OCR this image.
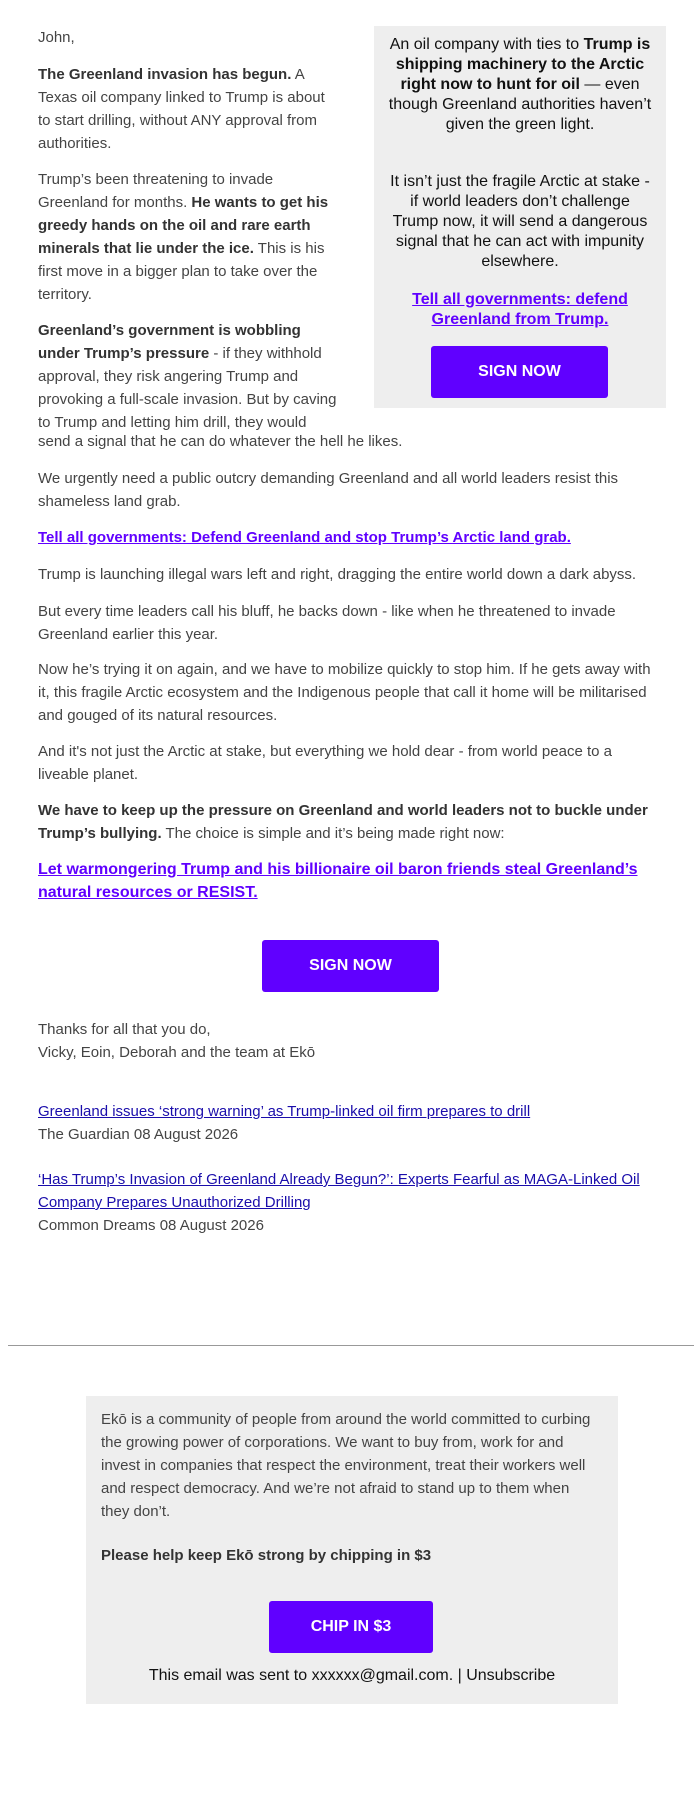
John,	An oil company with ties to Trump is shipping machinery to the Arctic right now to hunt for oil — even though Greenland authorities haven’t given the green light.

It isn’t just the fragile Arctic at stake - if world leaders don’t challenge Trump now, it will send a dangerous signal that he can act with impunity elsewhere.

Tell all governments: defend Greenland from Trump.
SIGN NOW

The Greenland invasion has begun. A Texas oil company linked to Trump is about to start drilling, without ANY approval from authorities.

Trump’s been threatening to invade Greenland for months. He wants to get his greedy hands on the oil and rare earth minerals that lie under the ice. This is his first move in a bigger plan to take over the territory.

Greenland’s government is wobbling under Trump’s pressure - if they withhold approval, they risk angering Trump and provoking a full-scale invasion. But by caving to Trump and letting him drill, they would

send a signal that he can do whatever the hell he likes.

We urgently need a public outcry demanding Greenland and all world leaders resist this shameless land grab.

Tell all governments: Defend Greenland and stop Trump’s Arctic land grab.

Trump is launching illegal wars left and right, dragging the entire world down a dark abyss.

But every time leaders call his bluff, he backs down - like when he threatened to invade Greenland earlier this year.

Now he’s trying it on again, and we have to mobilize quickly to stop him. If he gets away with it, this fragile Arctic ecosystem and the Indigenous people that call it home will be militarised and gouged of its natural resources.

And it's not just the Arctic at stake, but everything we hold dear - from world peace to a liveable planet.

We have to keep up the pressure on Greenland and world leaders not to buckle under Trump’s bullying. The choice is simple and it’s being made right now:

Let warmongering Trump and his billionaire oil baron friends steal Greenland’s natural resources or RESIST.

SIGN NOW

Thanks for all that you do,

Vicky, Eoin, Deborah and the team at Ekō

Greenland issues ‘strong warning’ as Trump-linked oil firm prepares to drill
The Guardian 08 August 2026

‘Has Trump’s Invasion of Greenland Already Begun?’: Experts Fearful as MAGA-Linked Oil Company Prepares Unauthorized Drilling
Common Dreams 08 August 2026

Ekō is a community of people from around the world committed to curbing the growing power of corporations. We want to buy from, work for and invest in companies that respect the environment, treat their workers well and respect democracy. And we’re not afraid to stand up to them when they don’t.

Please help keep Ekō strong by chipping in $3

CHIP IN $3
This email was sent to xxxxxx@gmail.com. | Unsubscribe
